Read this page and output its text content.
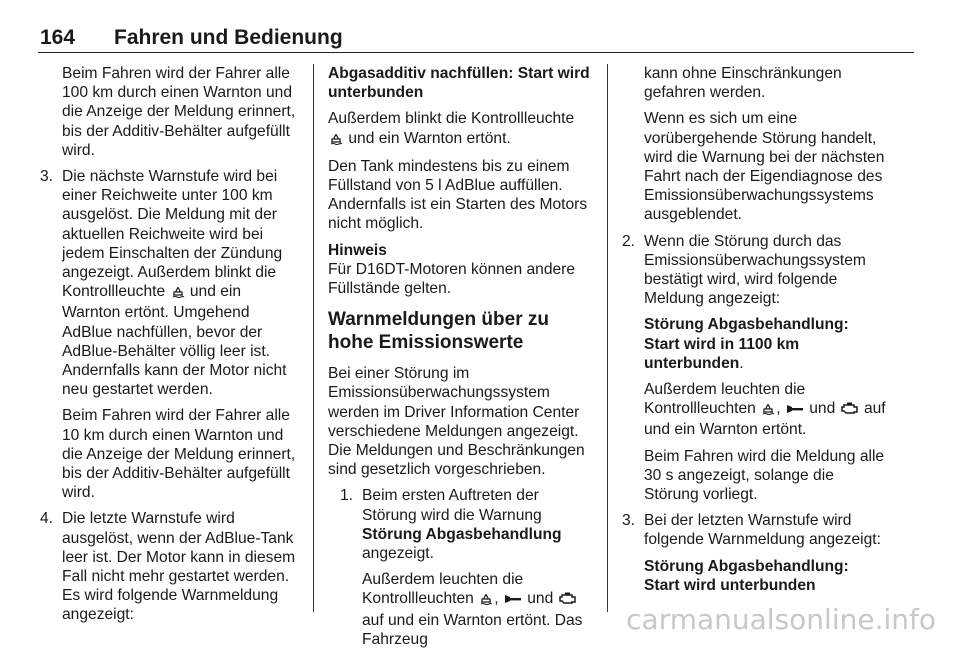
164 Fahren und Bedienung

Beim Fahren wird der Fahrer alle 100 km durch einen Warnton und die Anzeige der Meldung erinnert, bis der Additiv-Behälter aufgefüllt wird.

3. Die nächste Warnstufe wird bei einer Reichweite unter 100 km ausgelöst. Die Meldung mit der aktuellen Reichweite wird bei jedem Einschalten der Zündung angezeigt. Außerdem blinkt die Kontrollleuchte und ein Warnton ertönt. Umgehend AdBlue nachfüllen, bevor der AdBlue-Behälter völlig leer ist. Andernfalls kann der Motor nicht neu gestartet werden.

Beim Fahren wird der Fahrer alle 10 km durch einen Warnton und die Anzeige der Meldung erinnert, bis der Additiv-Behälter aufgefüllt wird.

4. Die letzte Warnstufe wird ausgelöst, wenn der AdBlue-Tank leer ist. Der Motor kann in diesem Fall nicht mehr gestartet werden. Es wird folgende Warnmeldung angezeigt:

Abgasadditiv nachfüllen: Start wird unterbunden

Außerdem blinkt die Kontrollleuchte  und ein Warnton ertönt.

Den Tank mindestens bis zu einem Füllstand von 5 l AdBlue auffüllen. Andernfalls ist ein Starten des Motors nicht möglich.

Hinweis

Für D16DT-Motoren können andere Füllstände gelten.

Warnmeldungen über zu hohe Emissionswerte

Bei einer Störung im Emissionsüberwachungssystem werden im Driver Information Center verschiedene Meldungen angezeigt. Die Meldungen und Beschränkungen sind gesetzlich vorgeschrieben.

1. Beim ersten Auftreten der Störung wird die Warnung Störung Abgasbehandlung angezeigt.

Außerdem leuchten die Kontrollleuchten , und  auf und ein Warnton ertönt. Das Fahrzeug

kann ohne Einschränkungen gefahren werden.

Wenn es sich um eine vorübergehende Störung handelt, wird die Warnung bei der nächsten Fahrt nach der Eigendiagnose des Emissionsüberwachungssystems ausgeblendet.

2. Wenn die Störung durch das Emissionsüberwachungssystem bestätigt wird, wird folgende Meldung angezeigt:

Störung Abgasbehandlung: Start wird in 1100 km unterbunden.

Außerdem leuchten die Kontrollleuchten , und auf und ein Warnton ertönt.

Beim Fahren wird die Meldung alle 30 s angezeigt, solange die Störung vorliegt.

3. Bei der letzten Warnstufe wird folgende Warnmeldung angezeigt:

Störung Abgasbehandlung: Start wird unterbunden

carmanualsonline.info
